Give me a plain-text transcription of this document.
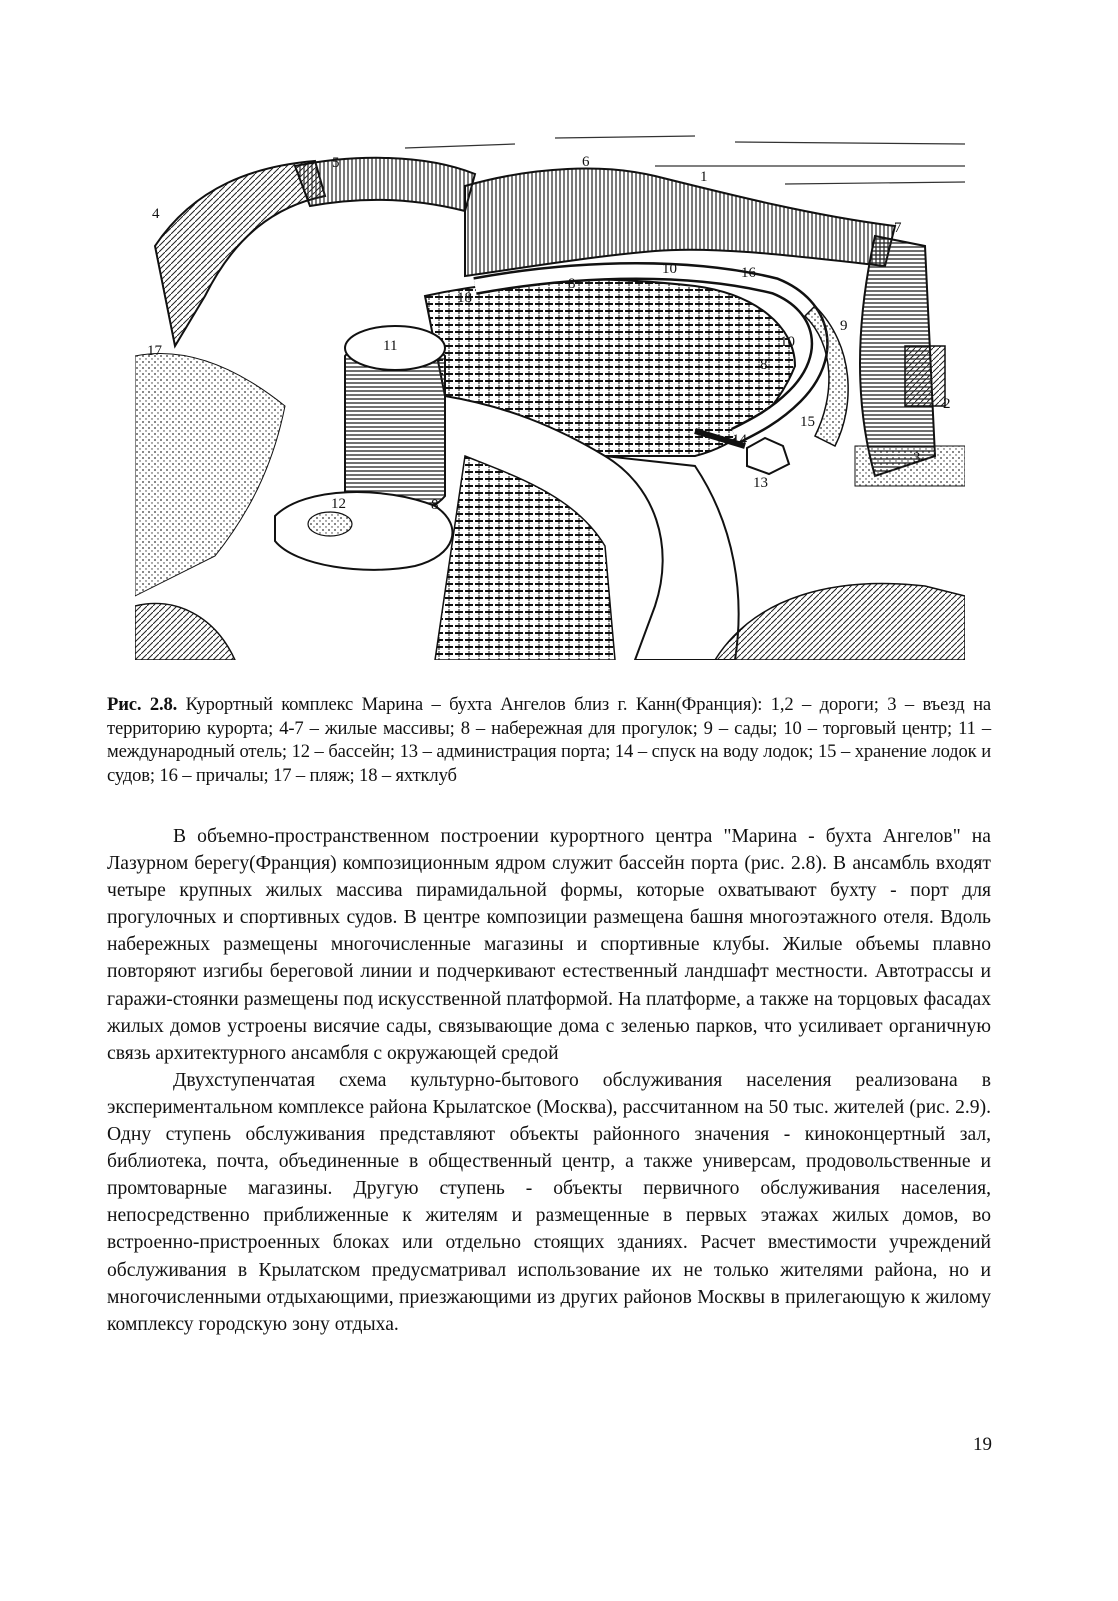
1
2
3
4
5	6
7
8
8
8
9
10
10
11
12
13
14
15
16
17
18
Рис. 2.8. Курортный комплекс Марина – бухта Ангелов близ г. Канн(Франция): 1,2 – дороги; 3 – въезд на территорию курорта; 4-7 – жилые массивы; 8 – набережная для прогулок; 9 – сады; 10 – торговый центр; 11 – международный отель; 12 – бассейн; 13 – администрация порта; 14 – спуск на воду лодок; 15 – хранение лодок и судов; 16 – причалы; 17 – пляж; 18 – яхтклуб

В объемно-пространственном построении курортного центра "Марина - бухта Ангелов" на Лазурном берегу(Франция) композиционным ядром служит бассейн порта (рис. 2.8). В ансамбль входят четыре крупных жилых массива пирамидальной формы, которые охватывают бухту - порт для прогулочных и спортивных судов. В центре композиции размещена башня многоэтажного отеля. Вдоль набережных размещены многочисленные магазины и спортивные клубы. Жилые объемы плавно повторяют изгибы береговой линии и подчеркивают естественный ландшафт местности. Автотрассы и гаражи-стоянки размещены под искусственной платформой. На платформе, а также на торцовых фасадах жилых домов устроены висячие сады, связывающие дома с зеленью парков, что усиливает органичную связь архитектурного ансамбля с окружающей средой

Двухступенчатая схема культурно-бытового обслуживания населения реализована в экспериментальном комплексе района Крылатское (Москва), рассчитанном на 50 тыс. жителей (рис. 2.9). Одну ступень обслуживания представляют объекты районного значения - киноконцертный зал, библиотека, почта, объединенные в общественный центр, а также универсам, продовольственные и промтоварные магазины. Другую ступень - объекты первичного обслуживания населения, непосредственно приближенные к жителям и размещенные в первых этажах жилых домов, во встроенно-пристроенных блоках или отдельно стоящих зданиях. Расчет вместимости учреждений обслуживания в Крылатском предусматривал использование их не только жителями района, но и многочисленными отдыхающими, приезжающими из других районов Москвы в прилегающую к жилому комплексу городскую зону отдыха.

19
